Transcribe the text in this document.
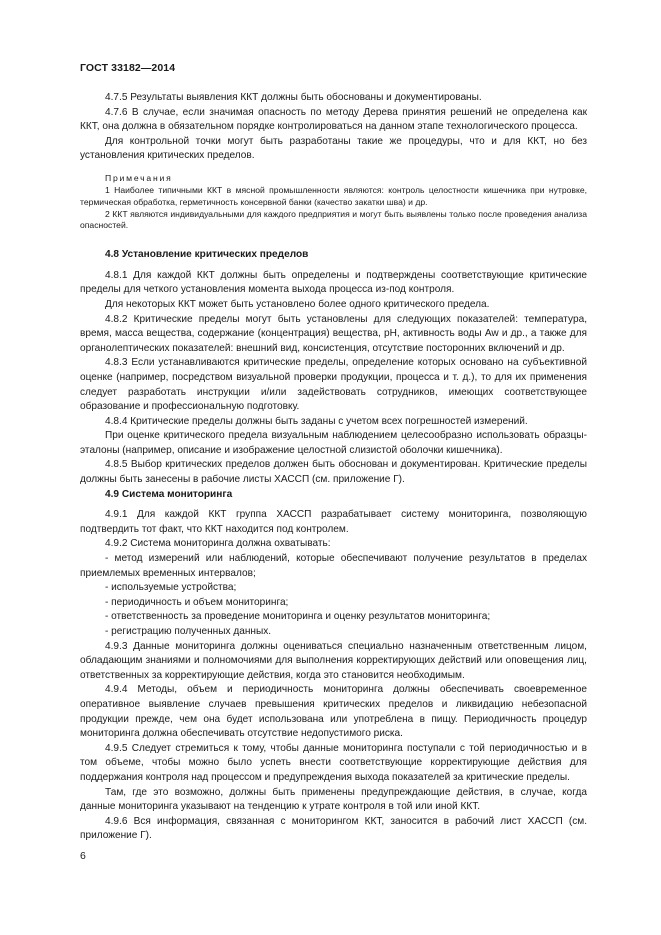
ГОСТ 33182—2014

4.7.5 Результаты выявления ККТ должны быть обоснованы и документированы.

4.7.6 В случае, если значимая опасность по методу Дерева принятия решений не определена как ККТ, она должна в обязательном порядке контролироваться на данном этапе технологического процесса.

Для контрольной точки могут быть разработаны такие же процедуры, что и для ККТ, но без установления критических пределов.

Примечания

1 Наиболее типичными ККТ в мясной промышленности являются: контроль целостности кишечника при нутровке, термическая обработка, герметичность консервной банки (качество закатки шва) и др.

2 ККТ являются индивидуальными для каждого предприятия и могут быть выявлены только после проведения анализа опасностей.

4.8 Установление критических пределов

4.8.1 Для каждой ККТ должны быть определены и подтверждены соответствующие критические пределы для четкого установления момента выхода процесса из-под контроля.

Для некоторых ККТ может быть установлено более одного критического предела.

4.8.2 Критические пределы могут быть установлены для следующих показателей: температура, время, масса вещества, содержание (концентрация) вещества, pH, активность воды Aw и др., а также для органолептических показателей: внешний вид, консистенция, отсутствие посторонних включений и др.

4.8.3 Если устанавливаются критические пределы, определение которых основано на субъективной оценке (например, посредством визуальной проверки продукции, процесса и т. д.), то для их применения следует разработать инструкции и/или задействовать сотрудников, имеющих соответствующее образование и профессиональную подготовку.

4.8.4 Критические пределы должны быть заданы с учетом всех погрешностей измерений.

При оценке критического предела визуальным наблюдением целесообразно использовать образцы-эталоны (например, описание и изображение целостной слизистой оболочки кишечника).

4.8.5 Выбор критических пределов должен быть обоснован и документирован. Критические пределы должны быть занесены в рабочие листы ХАССП (см. приложение Г).

4.9 Система мониторинга

4.9.1 Для каждой ККТ группа ХАССП разрабатывает систему мониторинга, позволяющую подтвердить тот факт, что ККТ находится под контролем.

4.9.2 Система мониторинга должна охватывать:

- метод измерений или наблюдений, которые обеспечивают получение результатов в пределах приемлемых временных интервалов;

- используемые устройства;

- периодичность и объем мониторинга;

- ответственность за проведение мониторинга и оценку результатов мониторинга;

- регистрацию полученных данных.

4.9.3 Данные мониторинга должны оцениваться специально назначенным ответственным лицом, обладающим знаниями и полномочиями для выполнения корректирующих действий или оповещения лиц, ответственных за корректирующие действия, когда это становится необходимым.

4.9.4 Методы, объем и периодичность мониторинга должны обеспечивать своевременное оперативное выявление случаев превышения критических пределов и ликвидацию небезопасной продукции прежде, чем она будет использована или употреблена в пищу. Периодичность процедур мониторинга должна обеспечивать отсутствие недопустимого риска.

4.9.5 Следует стремиться к тому, чтобы данные мониторинга поступали с той периодичностью и в том объеме, чтобы можно было успеть внести соответствующие корректирующие действия для поддержания контроля над процессом и предупреждения выхода показателей за критические пределы.

Там, где это возможно, должны быть применены предупреждающие действия, в случае, когда данные мониторинга указывают на тенденцию к утрате контроля в той или иной ККТ.

4.9.6 Вся информация, связанная с мониторингом ККТ, заносится в рабочий лист ХАССП (см. приложение Г).

6
